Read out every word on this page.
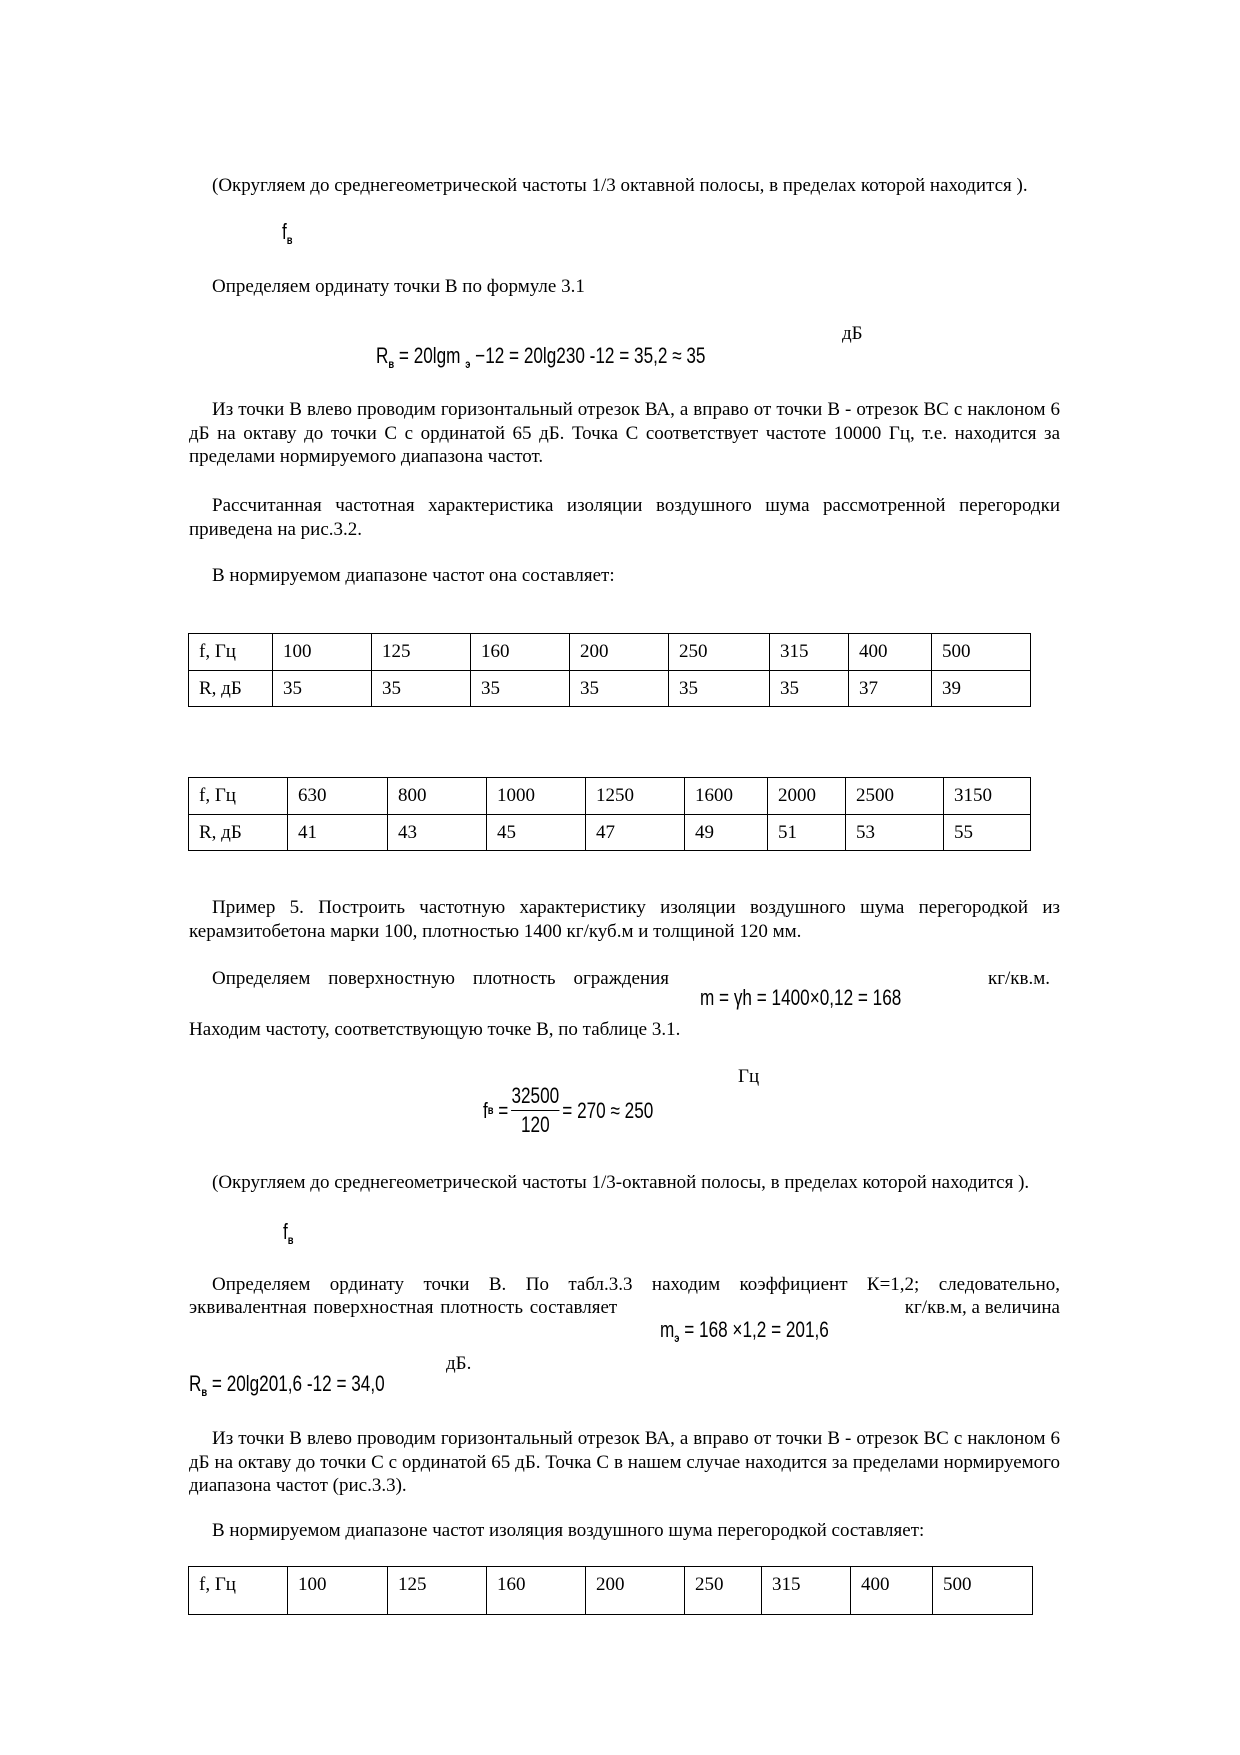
(Округляем до среднегеометрической частоты 1/3 октавной полосы, в пределах которой находится ).

$f_в$

Определяем ординату точки В по формуле 3.1

дБ
$R_в = 20\lg m$ $_э$ −12 = 20lg230 -12 = 35,2 ≈ 35

Из точки В влево проводим горизонтальный отрезок ВА, а вправо от точки В - отрезок ВС с наклоном 6 дБ на октаву до точки С с ординатой 65 дБ. Точка С соответствует частоте 10000 Гц, т.е. находится за пределами нормируемого диапазона частот.

Рассчитанная частотная характеристика изоляции воздушного шума рассмотренной перегородки приведена на рис.3.2.

В нормируемом диапазоне частот она составляет:

f, Гц	100	125	160	200	250	315	400	500
R, дБ	35	35	35	35	35	35	37	39
f, Гц	630	800	1000	1250	1600	2000	2500	3150
R, дБ	41	43	45	47	49	51	53	55

Пример 5. Построить частотную характеристику изоляции воздушного шума перегородкой из керамзитобетона марки 100, плотностью 1400 кг/куб.м и толщиной 120 мм.

Определяем поверхностную плотность ограждения	кг/кв.м.
m = γh = 1400×0,12 = 168

Находим частоту, соответствующую точке В, по таблице 3.1.

Гц
f $в = \frac{32500}{120} = 270 \approx 250$

(Округляем до среднегеометрической частоты 1/3-октавной полосы, в пределах которой находится ).

$f_в$

Определяем ординату точки В. По табл.3.3 находим коэффициент К=1,2; следовательно,

эквивалентная поверхностная плотность составляет	кг/кв.м, а величина
$m_э = 168 \times 1,2 = 201,6$
дБ.
$R_в = 20\lg 201,6$ -12 = 34,0

Из точки В влево проводим горизонтальный отрезок ВА, а вправо от точки В - отрезок ВС с наклоном 6 дБ на октаву до точки С с ординатой 65 дБ. Точка С в нашем случае находится за пределами нормируемого диапазона частот (рис.3.3).

В нормируемом диапазоне частот изоляция воздушного шума перегородкой составляет:

f, Гц	100	125	160	200	250	315	400	500
